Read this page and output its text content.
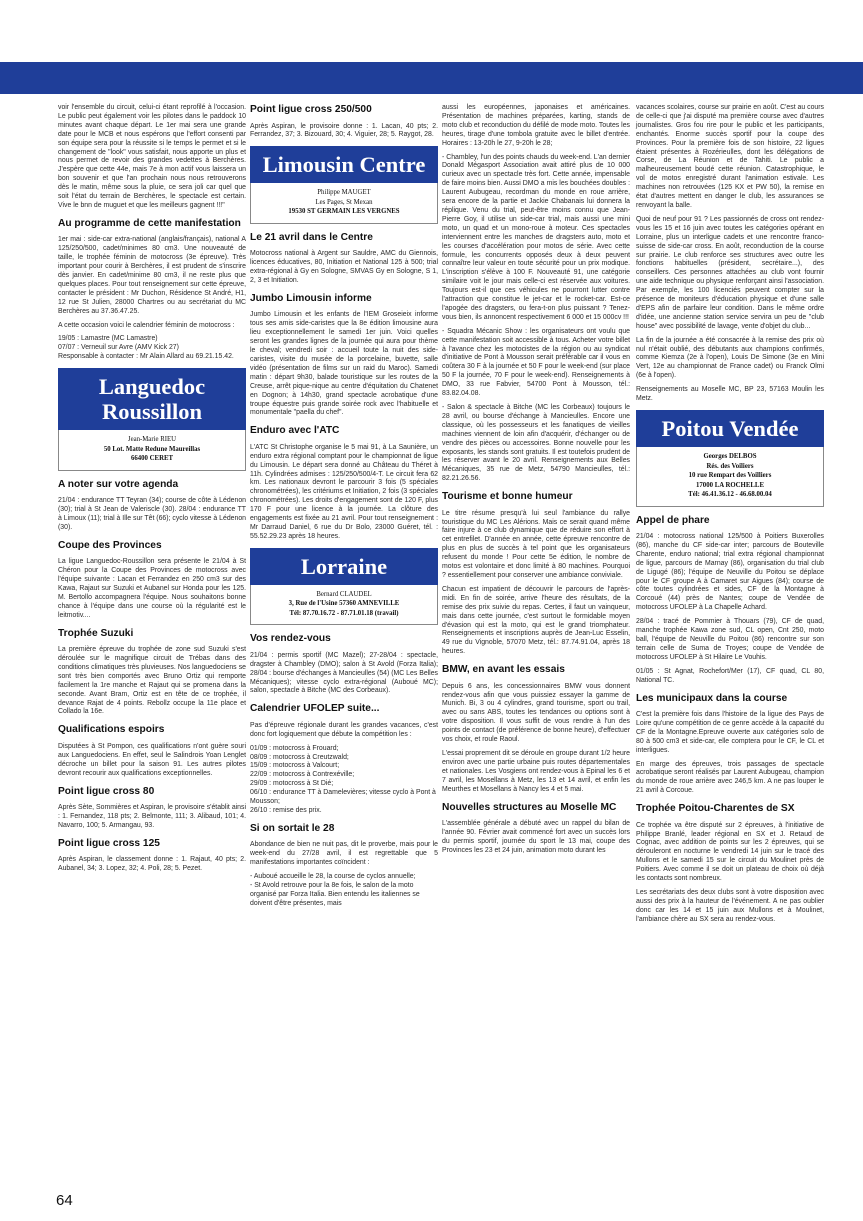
voir l'ensemble du circuit, celui-ci étant reprofilé à l'occasion. Le public peut également voir les pilotes dans le paddock 10 minutes avant chaque départ. Le 1er mai sera une grande date pour le MCB et nous espérons que l'effort consenti par son équipe sera pour la réussite si le temps le permet et si le changement de "look" vous satisfait, nous apporte un plus et nous permet de revoir des grandes vedettes à Berchères. J'espère que cette 44e, mais 7e à mon actif vous laissera un bon souvenir et que l'an prochain nous nous retrouverons dès le matin, même sous la pluie, ce sera joli car quel que soit l'état du terrain de Berchères, le spectacle est certain. Vive le bnn de muguet et que les meilleurs gagnent !!!"

Au programme de cette manifestation

1er mai : side-car extra-national (anglais/français), national A 125/250/500, cadet/minimes 80 cm3. Une nouveauté de taille, le trophée féminin de motocross (3e épreuve). Très important pour courir à Berchères, il est prudent de s'inscrire dès janvier. En cadet/minime 80 cm3, il ne reste plus que quelques places. Pour tout renseignement sur cette épreuve, contacter le président : Mr Duchon, Résidence St André, H1, 12 rue St Julien, 28000 Chartres ou au secrétariat du MC Berchères au 37.36.47.25.

A cette occasion voici le calendrier féminin de motocross :

19/05 : Lamastre (MC Lamastre)
07/07 : Verneuil sur Avre (AMV Kick 27)
Responsable à contacter : Mr Alain Allard au 69.21.15.42.
Languedoc Roussillon
Jean-Marie RIEU
50 Lot. Matte Redune Maureillas
66400 CERET
A noter sur votre agenda

21/04 : endurance TT Teyran (34); course de côte à Lédenon (30); trial à St Jean de Valeriscle (30). 28/04 : endurance TT à Limoux (11); trial à Ille sur Têt (66); cyclo vitesse à Lédenon (30).

Coupe des Provinces

La ligue Languedoc-Roussillon sera présente le 21/04 à St Chéron pour la Coupe des Provinces de motocross avec l'équipe suivante : Lacan et Ferrandez en 250 cm3 sur des Kawa, Rajaut sur Suzuki et Aubanel sur Honda pour les 125. M. Bertollo accompagnera l'équipe. Nous souhaitons bonne chance à l'équipe dans une course où la régularité est le leitmotiv....

Trophée Suzuki

La première épreuve du trophée de zone sud Suzuki s'est déroulée sur le magnifique circuit de Trébas dans des conditions climatiques très pluvieuses. Nos languedociens se sont très bien comportés avec Bruno Ortiz qui remporte facilement la 1re manche et Rajaut qui se promena dans la seconde. Avant Bram, Ortiz est en tête de ce trophée, il devance Rajat de 4 points. Rebollz occupe la 11e place et Collado la 16e.

Qualifications espoirs

Disputées à St Pompon, ces qualifications n'ont guère souri aux Languedociens. En effet, seul le Salindrois Yoan Lenglet décroche un billet pour la saison 91. Les autres pilotes devront recourir aux qualifications exceptionnelles.

Point ligue cross 80

Après Sète, Sommières et Aspiran, le provisoire s'établit ainsi : 1. Fernandez, 118 pts; 2. Belmonte, 111; 3. Alibaud, 101; 4. Navarro, 100; 5. Armangau, 93.

Point ligue cross 125

Après Aspiran, le classement donne : 1. Rajaut, 40 pts; 2. Aubanel, 34; 3. Lopez, 32; 4. Poli, 28; 5. Pezet.

Point ligue cross 250/500

Après Aspiran, le provisoire donne : 1. Lacan, 40 pts; 2. Ferrandez, 37; 3. Bizouard, 30; 4. Viguier, 28; 5. Raygot, 28.

Limousin Centre
Philippe MAUGET
Les Pages, St Mexan
19530 ST GERMAIN LES VERGNES
Le 21 avril dans le Centre

Motocross national à Argent sur Sauldre, AMC du Giennois, licences éducatives, 80, Initiation et National 125 à 500; trial extra-régional à Gy en Sologne, SMVAS Gy en Sologne, S 1, 2, 3 et Initiation.

Jumbo Limousin informe

Jumbo Limousin et les enfants de l'IEM Groseieix informe tous ses amis side-caristes que la 8e édition limousine aura lieu exceptionnellement le samedi 1er juin. Voici quelles seront les grandes lignes de la journée qui aura pour thème le cheval; vendredi soir : accueil toute la nuit des side-caristes, visite du musée de la porcelaine, buvette, salle vidéo (présentation de films sur un raid du Maroc). Samedi matin : départ 9h30, balade touristique sur les routes de la Creuse, arrêt pique-nique au centre d'équitation du Chatenet en Dognon; à 14h30, grand spectacle acrobatique d'une troupe équestre puis grande soirée rock avec l'habituelle et monumentale "paella du chef".

Enduro avec l'ATC

L'ATC St Christophe organise le 5 mai 91, à La Saunière, un enduro extra régional comptant pour le championnat de ligue du Limousin. Le départ sera donné au Château du Théret à 11h. Cylindrées admises : 125/250/500/4-T. Le circuit fera 62 km. Les nationaux devront le parcourir 3 fois (5 spéciales chronométrées), les critériums et Initiation, 2 fois (3 spéciales chronométrées). Les droits d'engagement sont de 120 F, plus 170 F pour une licence à la journée. La clôture des engagements est fixée au 21 avril. Pour tout renseignement : Mr Darraud Daniel, 6 rue du Dr Bolo, 23000 Guéret, tél. : 55.52.29.23 après 18 heures.

Lorraine
Bernard CLAUDEL
3, Rue de l'Usine 57360 AMNEVILLE
Tél: 87.70.16.72 - 87.71.01.18 (travail)
Vos rendez-vous

21/04 : permis sportif (MC Mazel); 27-28/04 : spectacle, dragster à Chambley (DMO); salon à St Avold (Forza Italia); 28/04 : bourse d'échanges à Mancieulles (54) (MC Les Belles Mécaniques); vitesse cyclo extra-régional (Auboué MC); salon, spectacle à Bitche (MC des Corbeaux).

Calendrier UFOLEP suite...

Pas d'épreuve régionale durant les grandes vacances, c'est donc fort logiquement que débute la compétition les :

01/09 : motocross à Frouard;
08/09 : motocross à Creutzwald;
15/09 : motocross à Valcourt;
22/09 : motocross à Contrexéville;
29/09 : motocross à St Dié;
06/10 : endurance TT à Damelevières; vitesse cyclo à Pont à Mousson;
26/10 : remise des prix.
Si on sortait le 28

Abondance de bien ne nuit pas, dit le proverbe, mais pour le week-end du 27/28 avril, il est regrettable que 5 manifestations importantes coïncident :

- Auboué accueille le 28, la course de cyclos annuelle;
- St Avold retrouve pour la 8e fois, le salon de la moto organisé par Forza Italia. Bien entendu les italiennes se doivent d'être présentes, mais

aussi les européennes, japonaises et américaines. Présentation de machines préparées, karting, stands de moto club et reconduction du défilé de mode moto. Toutes les heures, tirage d'une tombola gratuite avec le billet d'entrée. Horaires : 13-20h le 27, 9-20h le 28;

- Chambley, l'un des points chauds du week-end. L'an dernier Donald Mégasport Association avait attiré plus de 10 000 curieux avec un spectacle très fort. Cette année, impensable de faire moins bien. Aussi DMO a mis les bouchées doubles : Laurent Aubugeau, recordman du monde en roue arrière, sera encore de la partie et Jackie Chabanais lui donnera la réplique. Venu du trial, peut-être moins connu que Jean-Pierre Goy, il utilise un side-car trial, mais aussi une mini moto, un quad et un mono-roue à moteur. Ces spectacles interviennent entre les manches de dragsters auto, moto et les courses d'accélération pour motos de série. Avec cette formule, les concurrents opposés deux à deux peuvent connaître leur valeur en toute sécurité pour un prix modique. L'inscription s'élève à 100 F. Nouveauté 91, une catégorie similaire voit le jour mais celle-ci est réservée aux voitures. Toujours est-il que ces véhicules ne pourront lutter contre l'attraction que constitue le jet-car et le rocket-car. Est-ce l'apogée des dragsters, ou fera-t-on plus puissant ? Tenez-vous bien, ils annoncent respectivement 6 000 et 15 000cv !!!

- Squadra Mécanic Show : les organisateurs ont voulu que cette manifestation soit accessible à tous. Acheter votre billet à l'avance chez les motocistes de la région ou au syndicat d'initiative de Pont à Mousson serait préférable car il vous en coûtera 30 F à la journée et 50 F pour le week-end (sur place 50 F la journée, 70 F pour le week-end). Renseignements à DMO, 33 rue Fabvier, 54700 Pont à Mousson, tél.: 83.82.04.08.

- Salon & spectacle à Bitche (MC les Corbeaux) toujours le 28 avril, ou bourse d'échange à Mancieulles. Encore une classique, où les possesseurs et les fanatiques de vieilles machines viennent de loin afin d'acquérir, d'échanger ou de vendre des pièces ou accessoires. Bonne nouvelle pour les exposants, les stands sont gratuits. Il est toutefois prudent de les réserver avant le 20 avril. Renseignements aux Belles Mécaniques, 35 rue de Metz, 54790 Mancieulles, tél.: 82.21.26.56.

Tourisme et bonne humeur

Le titre résume presqu'à lui seul l'ambiance du rallye touristique du MC Les Alérions. Mais ce serait quand même faire injure à ce club dynamique que de réduire son effort à cet entrefilet. D'année en année, cette épreuve rencontre de plus en plus de succès à tel point que les organisateurs refusent du monde ! Pour cette 5e édition, le nombre de motos est volontaire et donc limité à 80 machines. Pourquoi ? essentiellement pour conserver une ambiance conviviale.

Chacun est impatient de découvrir le parcours de l'après-midi. En fin de soirée, arrive l'heure des résultats, de la remise des prix suivie du repas. Certes, il faut un vainqueur, mais dans cette journée, c'est surtout le formidable moyen d'évasion qui est la moto, qui est le grand triomphateur. Renseignements et inscriptions auprès de Jean-Luc Esselin, 49 rue du Vignoble, 57070 Metz, tél.: 87.74.91.04, après 18 heures.

BMW, en avant les essais

Depuis 6 ans, les concessionnaires BMW vous donnent rendez-vous afin que vous puissiez essayer la gamme de Munich. Bi, 3 ou 4 cylindres, grand tourisme, sport ou trail, avec ou sans ABS, toutes les tendances ou options sont à votre disposition. Il vous suffit de vous rendre à l'un des points de contact (de préférence de bonne heure), d'effectuer vos choix, et roule Raoul.

L'essai proprement dit se déroule en groupe durant 1/2 heure environ avec une partie urbaine puis routes départementales et nationales. Les Vosgiens ont rendez-vous à Epinal les 6 et 7 avril, les Mosellans à Metz, les 13 et 14 avril, et enfin les Meurthes et Mosellans à Nancy les 4 et 5 mai.

Nouvelles structures au Moselle MC

L'assemblée générale a débuté avec un rappel du bilan de l'année 90. Février avait commencé fort avec un succès lors du permis sportif, journée du sport le 13 mai, coupe des Provinces les 23 et 24 juin, animation moto durant les

vacances scolaires, course sur prairie en août. C'est au cours de celle-ci que j'ai disputé ma première course avec d'autres journalistes. Gros fou rire pour le public et les participants, enchantés. Enorme succès sportif pour la coupe des Provinces. Pour la première fois de son histoire, 22 ligues étaient présentes à Rozérieulles, dont les délégations de Corse, de La Réunion et de Tahiti. Le public a malheureusement boudé cette réunion. Catastrophique, le vol de motos enregistré durant l'animation estivale. Les machines non retrouvées (125 KX et PW 50), la remise en état d'autres mettent en danger le club, les assurances se renvoyant la balle.

Quoi de neuf pour 91 ? Les passionnés de cross ont rendez-vous les 15 et 16 juin avec toutes les catégories opérant en Lorraine, plus un interligue cadets et une rencontre franco-suisse de side-car cross. En août, reconduction de la course sur prairie. Le club renforce ses structures avec outre les fonctions habituelles (président, secrétaire...), des conseillers. Ces personnes attachées au club vont fournir une aide technique ou physique renforçant ainsi l'association. Par exemple, les 100 licenciés peuvent compter sur la présence de moniteurs d'éducation physique et d'une salle d'EPS afin de parfaire leur condition. Dans le même ordre d'idée, une ancienne station service servira un peu de "club house" avec possibilité de lavage, vente d'objet du club...

La fin de la journée a été consacrée à la remise des prix où nul n'était oublié, des débutants aux champions confirmés, comme Kiemza (2e à l'open), Louis De Simone (3e en Mini Vert, 12e au championnat de France cadet) ou Franck Olmi (6e à l'open).

Renseignements au Moselle MC, BP 23, 57163 Moulin les Metz.

Poitou Vendée
Georges DELBOS
Rés. des Voiliers
10 rue Rempart des Voilliers
17000 LA ROCHELLE
Tél: 46.41.36.12 - 46.68.00.04
Appel de phare

21/04 : motocross national 125/500 à Poitiers Buxerolles (86), manche du CF side-car inter; parcours de Bouteville Charente, enduro national; trial extra régional championnat de ligue, parcours de Marnay (86), organisation du trial club de Ligugé (86); l'équipe de Neuville du Poitou se déplace pour le CF groupe A à Camaret sur Aigues (84); course de côte toutes cylindrées et sides, CF de la Montagne à Corcoué (44) près de Nantes; coupe de Vendée de motocross UFOLEP à La Chapelle Achard.

28/04 : tracé de Pommier à Thouars (79), CF de quad, manche trophée Kawa zone sud, CL open, Cnt 250, moto ball, l'équipe de Neuville du Poitou (86) rencontre sur son terrain celle de Suma de Troyes; coupe de Vendée de motocross UFOLEP à St Hilaire Le Vouhis.

01/05 : St Agnat, Rochefort/Mer (17), CF quad, CL 80, National TC.

Les municipaux dans la course

C'est la première fois dans l'histoire de la ligue des Pays de Loire qu'une compétition de ce genre accède à la capacité du CF de la Montagne.Epreuve ouverte aux catégories solo de 80 à 500 cm3 et side-car, elle comptera pour le CF, le CL et interligues.

En marge des épreuves, trois passages de spectacle acrobatique seront réalisés par Laurent Aubugeau, champion du monde de roue arrière avec 246,5 km. A ne pas louper le 21 avril à Corcoue.

Trophée Poitou-Charentes de SX

Ce trophée va être disputé sur 2 épreuves, à l'initiative de Philippe Branlé, leader régional en SX et J. Retaud de Cognac, avec addition de points sur les 2 épreuves, qui se dérouleront en nocturne le vendredi 14 juin sur le tracé des Mullons et le samedi 15 sur le circuit du Moulinet près de Poitiers. Avec comme il se doit un plateau de choix où déjà les contacts sont nombreux.

Les secrétariats des deux clubs sont à votre disposition avec aussi des prix à la hauteur de l'événement. A ne pas oublier donc car les 14 et 15 juin aux Mullons et à Moulinet, l'ambiance chère au SX sera au rendez-vous.

64
